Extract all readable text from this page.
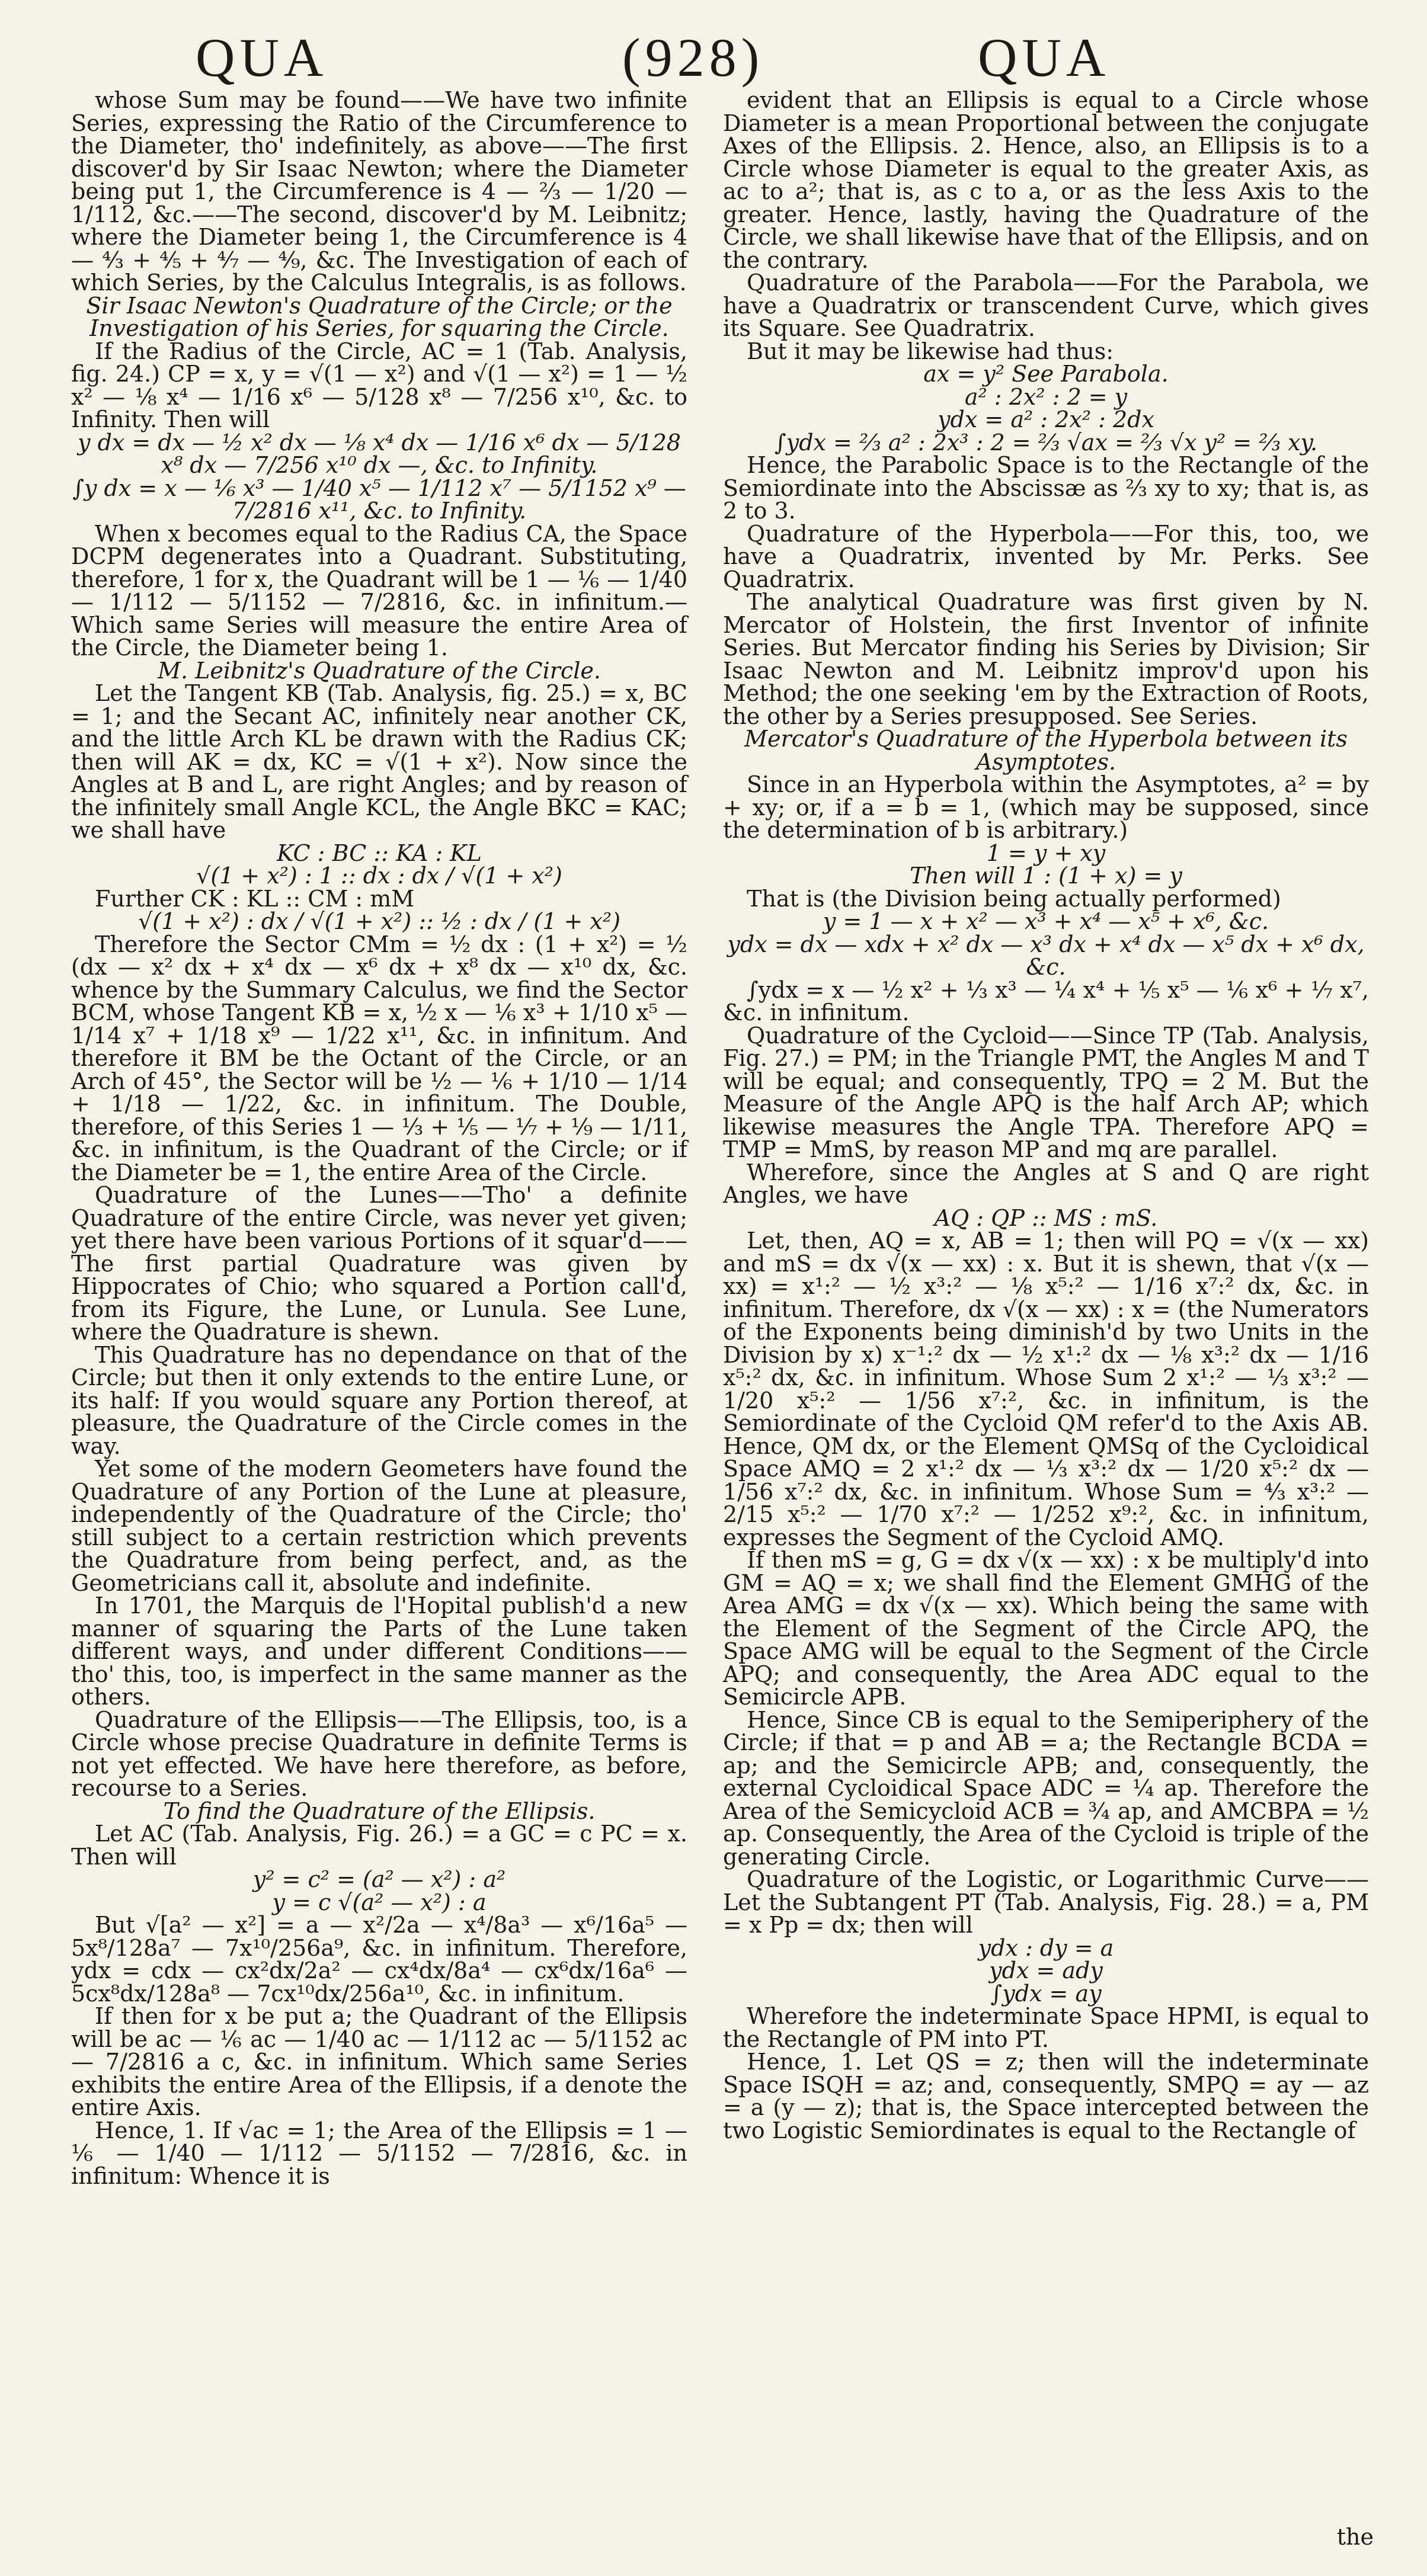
QUA	(928)	QUA

whose Sum may be found——We have two infinite Series, expressing the Ratio of the Circumference to the Diameter, tho' indefinitely, as above——The first discover'd by Sir Isaac Newton; where the Diameter being put 1, the Circumference is 4 — ⅔ — 1/20 — 1/112, &c.——The second, discover'd by M. Leibnitz; where the Diameter being 1, the Circumference is 4 — ⁴⁄₃ + ⁴⁄₅ + ⁴⁄₇ — ⁴⁄₉, &c. The Investigation of each of which Series, by the Calculus Integralis, is as follows.

Sir Isaac Newton's Quadrature of the Circle; or the Investigation of his Series, for squaring the Circle.

If the Radius of the Circle, AC = 1 (Tab. Analysis, fig. 24.) CP = x, y = √(1 — x²) and √(1 — x²) = 1 — ½ x² — ⅛ x⁴ — 1/16 x⁶ — 5/128 x⁸ — 7/256 x¹⁰, &c. to Infinity. Then will

y dx = dx — ½ x² dx — ⅛ x⁴ dx — 1/16 x⁶ dx — 5/128 x⁸ dx — 7/256 x¹⁰ dx —, &c. to Infinity.

∫y dx = x — ⅙ x³ — 1/40 x⁵ — 1/112 x⁷ — 5/1152 x⁹ — 7/2816 x¹¹, &c. to Infinity.

When x becomes equal to the Radius CA, the Space DCPM degenerates into a Quadrant. Substituting, therefore, 1 for x, the Quadrant will be 1 — ⅙ — 1/40 — 1/112 — 5/1152 — 7/2816, &c. in infinitum.—Which same Series will measure the entire Area of the Circle, the Diameter being 1.

M. Leibnitz's Quadrature of the Circle.

Let the Tangent KB (Tab. Analysis, fig. 25.) = x, BC = 1; and the Secant AC, infinitely near another CK, and the little Arch KL be drawn with the Radius CK; then will AK = dx, KC = √(1 + x²). Now since the Angles at B and L, are right Angles; and by reason of the infinitely small Angle KCL, the Angle BKC = KAC; we shall have

KC : BC :: KA : KL

√(1 + x²) : 1 :: dx : dx / √(1 + x²)

Further CK : KL :: CM : mM

√(1 + x²) : dx / √(1 + x²) :: ½ : dx / (1 + x²)

Therefore the Sector CMm = ½ dx : (1 + x²) = ½ (dx — x² dx + x⁴ dx — x⁶ dx + x⁸ dx — x¹⁰ dx, &c. whence by the Summary Calculus, we find the Sector BCM, whose Tangent KB = x, ½ x — ⅙ x³ + 1/10 x⁵ — 1/14 x⁷ + 1/18 x⁹ — 1/22 x¹¹, &c. in infinitum. And therefore it BM be the Octant of the Circle, or an Arch of 45°, the Sector will be ½ — ⅙ + 1/10 — 1/14 + 1/18 — 1/22, &c. in infinitum. The Double, therefore, of this Series 1 — ⅓ + ⅕ — ⅐ + ⅑ — 1/11, &c. in infinitum, is the Quadrant of the Circle; or if the Diameter be = 1, the entire Area of the Circle.

Quadrature of the Lunes——Tho' a definite Quadrature of the entire Circle, was never yet given; yet there have been various Portions of it squar'd——The first partial Quadrature was given by Hippocrates of Chio; who squared a Portion call'd, from its Figure, the Lune, or Lunula. See Lune, where the Quadrature is shewn.

This Quadrature has no dependance on that of the Circle; but then it only extends to the entire Lune, or its half: If you would square any Portion thereof, at pleasure, the Quadrature of the Circle comes in the way.

Yet some of the modern Geometers have found the Quadrature of any Portion of the Lune at pleasure, independently of the Quadrature of the Circle; tho' still subject to a certain restriction which prevents the Quadrature from being perfect, and, as the Geometricians call it, absolute and indefinite.

In 1701, the Marquis de l'Hopital publish'd a new manner of squaring the Parts of the Lune taken different ways, and under different Conditions——tho' this, too, is imperfect in the same manner as the others.

Quadrature of the Ellipsis——The Ellipsis, too, is a Circle whose precise Quadrature in definite Terms is not yet effected. We have here therefore, as before, recourse to a Series.

To find the Quadrature of the Ellipsis.

Let AC (Tab. Analysis, Fig. 26.) = a GC = c PC = x. Then will

y² = c² = (a² — x²) : a²

y = c √(a² — x²) : a

But √[a² — x²] = a — x²/2a — x⁴/8a³ — x⁶/16a⁵ — 5x⁸/128a⁷ — 7x¹⁰/256a⁹, &c. in infinitum. Therefore, ydx = cdx — cx²dx/2a² — cx⁴dx/8a⁴ — cx⁶dx/16a⁶ — 5cx⁸dx/128a⁸ — 7cx¹⁰dx/256a¹⁰, &c. in infinitum.

If then for x be put a; the Quadrant of the Ellipsis will be ac — ⅙ ac — 1/40 ac — 1/112 ac — 5/1152 ac — 7/2816 a c, &c. in infinitum. Which same Series exhibits the entire Area of the Ellipsis, if a denote the entire Axis.

Hence, 1. If √ac = 1; the Area of the Ellipsis = 1 — ⅙ — 1/40 — 1/112 — 5/1152 — 7/2816, &c. in infinitum: Whence it is

evident that an Ellipsis is equal to a Circle whose Diameter is a mean Proportional between the conjugate Axes of the Ellipsis. 2. Hence, also, an Ellipsis is to a Circle whose Diameter is equal to the greater Axis, as ac to a²; that is, as c to a, or as the less Axis to the greater. Hence, lastly, having the Quadrature of the Circle, we shall likewise have that of the Ellipsis, and on the contrary.

Quadrature of the Parabola——For the Parabola, we have a Quadratrix or transcendent Curve, which gives its Square. See Quadratrix.

But it may be likewise had thus:

ax = y² See Parabola.

a² : 2x² : 2 = y

ydx = a² : 2x² : 2dx

∫ydx = ⅔ a² : 2x³ : 2 = ⅔ √ax = ⅔ √x y² = ⅔ xy.

Hence, the Parabolic Space is to the Rectangle of the Semiordinate into the Abscissæ as ⅔ xy to xy; that is, as 2 to 3.

Quadrature of the Hyperbola——For this, too, we have a Quadratrix, invented by Mr. Perks. See Quadratrix.

The analytical Quadrature was first given by N. Mercator of Holstein, the first Inventor of infinite Series. But Mercator finding his Series by Division; Sir Isaac Newton and M. Leibnitz improv'd upon his Method; the one seeking 'em by the Extraction of Roots, the other by a Series presupposed. See Series.

Mercator's Quadrature of the Hyperbola between its Asymptotes.

Since in an Hyperbola within the Asymptotes, a² = by + xy; or, if a = b = 1, (which may be supposed, since the determination of b is arbitrary.)

1 = y + xy

Then will 1 : (1 + x) = y

That is (the Division being actually performed)

y = 1 — x + x² — x³ + x⁴ — x⁵ + x⁶, &c.

ydx = dx — xdx + x² dx — x³ dx + x⁴ dx — x⁵ dx + x⁶ dx, &c.

∫ydx = x — ½ x² + ⅓ x³ — ¼ x⁴ + ⅕ x⁵ — ⅙ x⁶ + ⅐ x⁷, &c. in infinitum.

Quadrature of the Cycloid——Since TP (Tab. Analysis, Fig. 27.) = PM; in the Triangle PMT, the Angles M and T will be equal; and consequently, TPQ = 2 M. But the Measure of the Angle APQ is the half Arch AP; which likewise measures the Angle TPA. Therefore APQ = TMP = MmS, by reason MP and mq are parallel.

Wherefore, since the Angles at S and Q are right Angles, we have

AQ : QP :: MS : mS.

Let, then, AQ = x, AB = 1; then will PQ = √(x — xx) and mS = dx √(x — xx) : x. But it is shewn, that √(x — xx) = x¹:² — ½ x³:² — ⅛ x⁵:² — 1/16 x⁷:² dx, &c. in infinitum. Therefore, dx √(x — xx) : x = (the Numerators of the Exponents being diminish'd by two Units in the Division by x) x⁻¹:² dx — ½ x¹:² dx — ⅛ x³:² dx — 1/16 x⁵:² dx, &c. in infinitum. Whose Sum 2 x¹:² — ⅓ x³:² — 1/20 x⁵:² — 1/56 x⁷:², &c. in infinitum, is the Semiordinate of the Cycloid QM refer'd to the Axis AB. Hence, QM dx, or the Element QMSq of the Cycloidical Space AMQ = 2 x¹:² dx — ⅓ x³:² dx — 1/20 x⁵:² dx — 1/56 x⁷:² dx, &c. in infinitum. Whose Sum = ⁴⁄₃ x³:² — 2/15 x⁵:² — 1/70 x⁷:² — 1/252 x⁹:², &c. in infinitum, expresses the Segment of the Cycloid AMQ.

If then mS = g, G = dx √(x — xx) : x be multiply'd into GM = AQ = x; we shall find the Element GMHG of the Area AMG = dx √(x — xx). Which being the same with the Element of the Segment of the Circle APQ, the Space AMG will be equal to the Segment of the Circle APQ; and consequently, the Area ADC equal to the Semicircle APB.

Hence, Since CB is equal to the Semiperiphery of the Circle; if that = p and AB = a; the Rectangle BCDA = ap; and the Semicircle APB; and, consequently, the external Cycloidical Space ADC = ¼ ap. Therefore the Area of the Semicycloid ACB = ¾ ap, and AMCBPA = ½ ap. Consequently, the Area of the Cycloid is triple of the generating Circle.

Quadrature of the Logistic, or Logarithmic Curve——Let the Subtangent PT (Tab. Analysis, Fig. 28.) = a, PM = x Pp = dx; then will

ydx : dy = a

ydx = ady

∫ydx = ay

Wherefore the indeterminate Space HPMI, is equal to the Rectangle of PM into PT.

Hence, 1. Let QS = z; then will the indeterminate Space ISQH = az; and, consequently, SMPQ = ay — az = a (y — z); that is, the Space intercepted between the two Logistic Semiordinates is equal to the Rectangle of

the
